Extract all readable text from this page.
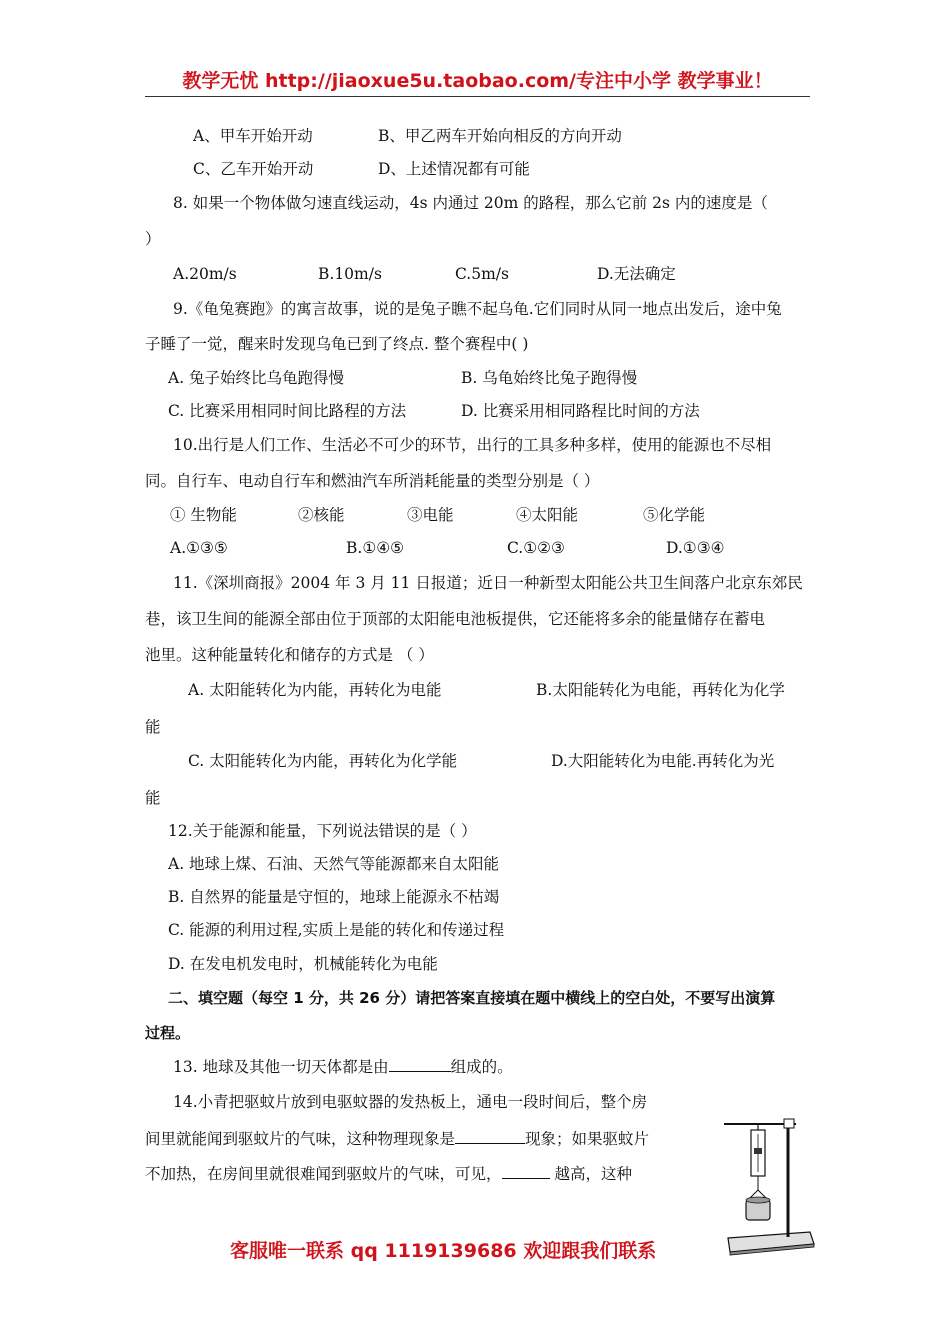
教学无忧 http://jiaoxue5u.taobao.com/专注中小学 教学事业！
A、甲车开始开动	B、甲乙两车开始向相反的方向开动
C、乙车开始开动	D、上述情况都有可能
8. 如果一个物体做匀速直线运动，4s 内通过 20m 的路程，那么它前 2s 内的速度是（
）
A.20m/s	B.10m/s	C.5m/s	D.无法确定
9.《龟兔赛跑》的寓言故事，说的是兔子瞧不起乌龟.它们同时从同一地点出发后，途中兔
子睡了一觉，醒来时发现乌龟已到了终点. 整个赛程中( )
A. 兔子始终比乌龟跑得慢	B. 乌龟始终比兔子跑得慢
C. 比赛采用相同时间比路程的方法	D. 比赛采用相同路程比时间的方法
10.出行是人们工作、生活必不可少的环节，出行的工具多种多样，使用的能源也不尽相
同。自行车、电动自行车和燃油汽车所消耗能量的类型分别是（ ）
① 生物能	②核能	③电能	④太阳能	⑤化学能
A.①③⑤	B.①④⑤	C.①②③	D.①③④
11.《深圳商报》2004 年 3 月 11 日报道；近日一种新型太阳能公共卫生间落户北京东郊民
巷，该卫生间的能源全部由位于顶部的太阳能电池板提供，它还能将多余的能量储存在蓄电
池里。这种能量转化和储存的方式是 （ ）
A. 太阳能转化为内能，再转化为电能	B.太阳能转化为电能，再转化为化学
能
C. 太阳能转化为内能，再转化为化学能	D.大阳能转化为电能.再转化为光
能
12.关于能源和能量，下列说法错误的是（ ）
A. 地球上煤、石油、天然气等能源都来自太阳能
B. 自然界的能量是守恒的，地球上能源永不枯竭
C. 能源的利用过程,实质上是能的转化和传递过程
D. 在发电机发电时，机械能转化为电能
二、填空题（每空 1 分，共 26 分）请把答案直接填在题中横线上的空白处，不要写出演算
过程。
13. 地球及其他一切天体都是由	组成的。
14.小青把驱蚊片放到电驱蚊器的发热板上，通电一段时间后，整个房
间里就能闻到驱蚊片的气味，这种物理现象是	现象；如果驱蚊片
不加热，在房间里就很难闻到驱蚊片的气味，可见，	越高，这种
客服唯一联系 qq 1119139686 欢迎跟我们联系
